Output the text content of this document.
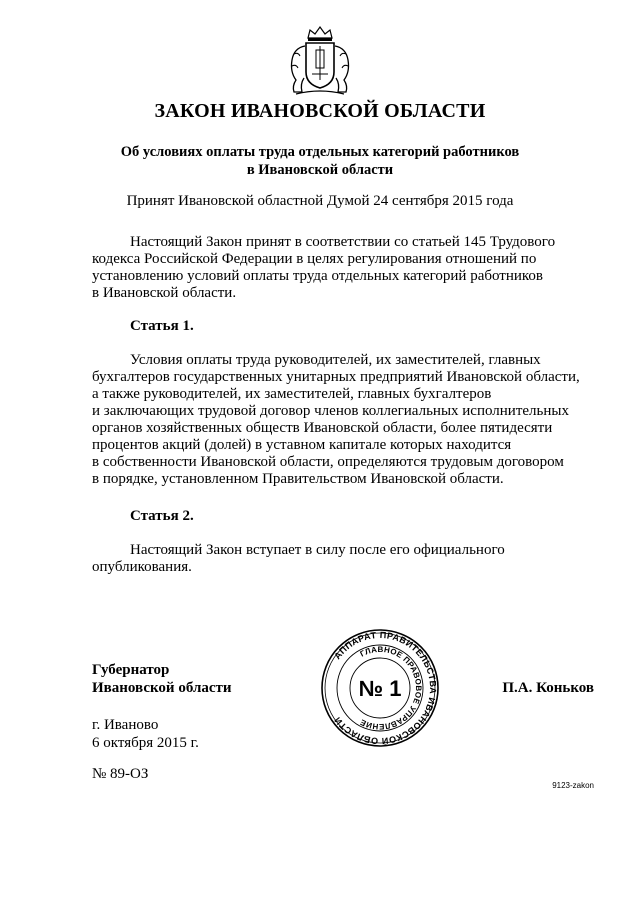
ЗАКОН ИВАНОВСКОЙ ОБЛАСТИ
Об условиях оплаты труда отдельных категорий работников
в Ивановской области
Принят Ивановской областной Думой 24 сентября 2015 года
Настоящий Закон принят в соответствии со статьей 145 Трудового
кодекса Российской Федерации в целях регулирования отношений по
установлению условий оплаты труда отдельных категорий работников
в Ивановской области.
Статья 1.
Условия оплаты труда руководителей, их заместителей, главных
бухгалтеров государственных унитарных предприятий Ивановской области,
а также руководителей, их заместителей, главных бухгалтеров
и заключающих трудовой договор членов коллегиальных исполнительных
органов хозяйственных обществ Ивановской области, более пятидесяти
процентов акций (долей) в уставном капитале которых находится
в собственности Ивановской области, определяются трудовым договором
в порядке, установленном Правительством Ивановской области.
Статья 2.
Настоящий Закон вступает в силу после его официального
опубликования.
Губернатор
Ивановской области
АППАРАТ ПРАВИТЕЛЬСТВА ИВАНОВСКОЙ ОБЛАСТИ
ГЛАВНОЕ ПРАВОВОЕ УПРАВЛЕНИЕ
№ 1	П.А. Коньков
г. Иваново
6 октября 2015 г.
№ 89-ОЗ
9123-zakon
